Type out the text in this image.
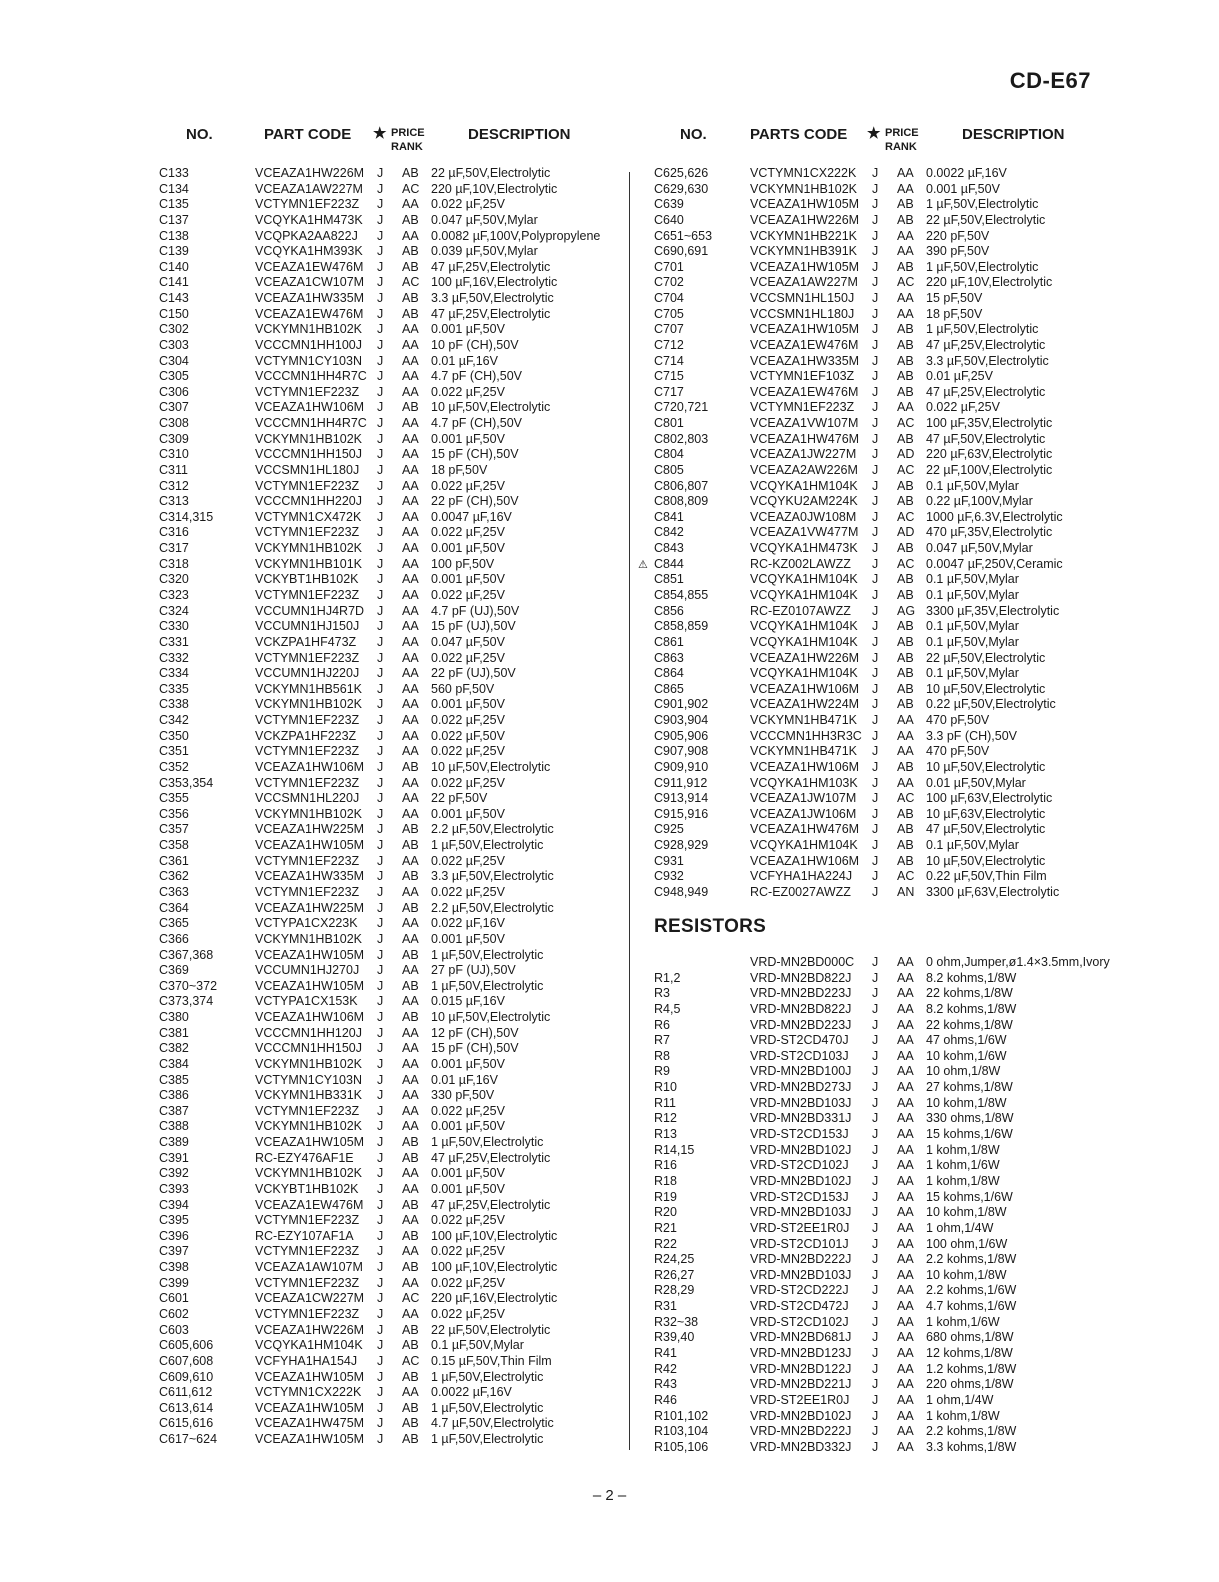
CD-E67
NO.	PART CODE ★ PRICE
RANK
DESCRIPTION	NO.	PARTS CODE ★ PRICE
RANK
DESCRIPTION
C133	VCEAZA1HW226M J AB 22 µF,50V,Electrolytic
C134	VCEAZA1AW227M J AC 220 µF,10V,Electrolytic
C135	VCTYMN1EF223Z J AA 0.022 µF,25V
C137	VCQYKA1HM473K J AB 0.047 µF,50V,Mylar
C138	VCQPKA2AA822J J AA 0.0082 µF,100V,Polypropylene
C139	VCQYKA1HM393K J AB 0.039 µF,50V,Mylar
C140	VCEAZA1EW476M J AB 47 µF,25V,Electrolytic
C141	VCEAZA1CW107M J AC 100 µF,16V,Electrolytic
C143	VCEAZA1HW335M J AB 3.3 µF,50V,Electrolytic
C150	VCEAZA1EW476M J AB 47 µF,25V,Electrolytic
C302	VCKYMN1HB102K J AA 0.001 µF,50V
C303	VCCCMN1HH100J J AA 10 pF (CH),50V
C304	VCTYMN1CY103N J AA 0.01 µF,16V
C305	VCCCMN1HH4R7C J AA 4.7 pF (CH),50V
C306	VCTYMN1EF223Z J AA 0.022 µF,25V
C307	VCEAZA1HW106M J AB 10 µF,50V,Electrolytic
C308	VCCCMN1HH4R7C J AA 4.7 pF (CH),50V
C309	VCKYMN1HB102K J AA 0.001 µF,50V
C310	VCCCMN1HH150J J AA 15 pF (CH),50V
C311	VCCSMN1HL180J J AA 18 pF,50V
C312	VCTYMN1EF223Z J AA 0.022 µF,25V
C313	VCCCMN1HH220J J AA 22 pF (CH),50V
C314,315	VCTYMN1CX472K J AA 0.0047 µF,16V
C316	VCTYMN1EF223Z J AA 0.022 µF,25V
C317	VCKYMN1HB102K J AA 0.001 µF,50V
C318	VCKYMN1HB101K J AA 100 pF,50V
C320	VCKYBT1HB102K J AA 0.001 µF,50V
C323	VCTYMN1EF223Z J AA 0.022 µF,25V
C324	VCCUMN1HJ4R7D J AA 4.7 pF (UJ),50V
C330	VCCUMN1HJ150J J AA 15 pF (UJ),50V
C331	VCKZPA1HF473Z J AA 0.047 µF,50V
C332	VCTYMN1EF223Z J AA 0.022 µF,25V
C334	VCCUMN1HJ220J J AA 22 pF (UJ),50V
C335	VCKYMN1HB561K J AA 560 pF,50V
C338	VCKYMN1HB102K J AA 0.001 µF,50V
C342	VCTYMN1EF223Z J AA 0.022 µF,25V
C350	VCKZPA1HF223Z J AA 0.022 µF,50V
C351	VCTYMN1EF223Z J AA 0.022 µF,25V
C352	VCEAZA1HW106M J AB 10 µF,50V,Electrolytic
C353,354	VCTYMN1EF223Z J AA 0.022 µF,25V
C355	VCCSMN1HL220J J AA 22 pF,50V
C356	VCKYMN1HB102K J AA 0.001 µF,50V
C357	VCEAZA1HW225M J AB 2.2 µF,50V,Electrolytic
C358	VCEAZA1HW105M J AB 1 µF,50V,Electrolytic
C361	VCTYMN1EF223Z J AA 0.022 µF,25V
C362	VCEAZA1HW335M J AB 3.3 µF,50V,Electrolytic
C363	VCTYMN1EF223Z J AA 0.022 µF,25V
C364	VCEAZA1HW225M J AB 2.2 µF,50V,Electrolytic
C365	VCTYPA1CX223K J AA 0.022 µF,16V
C366	VCKYMN1HB102K J AA 0.001 µF,50V
C367,368	VCEAZA1HW105M J AB 1 µF,50V,Electrolytic
C369	VCCUMN1HJ270J J AA 27 pF (UJ),50V
C370~372	VCEAZA1HW105M J AB 1 µF,50V,Electrolytic
C373,374	VCTYPA1CX153K J AA 0.015 µF,16V
C380	VCEAZA1HW106M J AB 10 µF,50V,Electrolytic
C381	VCCCMN1HH120J J AA 12 pF (CH),50V
C382	VCCCMN1HH150J J AA 15 pF (CH),50V
C384	VCKYMN1HB102K J AA 0.001 µF,50V
C385	VCTYMN1CY103N J AA 0.01 µF,16V
C386	VCKYMN1HB331K J AA 330 pF,50V
C387	VCTYMN1EF223Z J AA 0.022 µF,25V
C388	VCKYMN1HB102K J AA 0.001 µF,50V
C389	VCEAZA1HW105M J AB 1 µF,50V,Electrolytic
C391	RC-EZY476AF1E J AB 47 µF,25V,Electrolytic
C392	VCKYMN1HB102K J AA 0.001 µF,50V
C393	VCKYBT1HB102K J AA 0.001 µF,50V
C394	VCEAZA1EW476M J AB 47 µF,25V,Electrolytic
C395	VCTYMN1EF223Z J AA 0.022 µF,25V
C396	RC-EZY107AF1A J AB 100 µF,10V,Electrolytic
C397	VCTYMN1EF223Z J AA 0.022 µF,25V
C398	VCEAZA1AW107M J AB 100 µF,10V,Electrolytic
C399	VCTYMN1EF223Z J AA 0.022 µF,25V
C601	VCEAZA1CW227M J AC 220 µF,16V,Electrolytic
C602	VCTYMN1EF223Z J AA 0.022 µF,25V
C603	VCEAZA1HW226M J AB 22 µF,50V,Electrolytic
C605,606	VCQYKA1HM104K J AB 0.1 µF,50V,Mylar
C607,608	VCFYHA1HA154J J AC 0.15 µF,50V,Thin Film
C609,610	VCEAZA1HW105M J AB 1 µF,50V,Electrolytic
C611,612	VCTYMN1CX222K J AA 0.0022 µF,16V
C613,614	VCEAZA1HW105M J AB 1 µF,50V,Electrolytic
C615,616	VCEAZA1HW475M J AB 4.7 µF,50V,Electrolytic
C617~624	VCEAZA1HW105M J AB 1 µF,50V,Electrolytic
C625,626	VCTYMN1CX222K J AA 0.0022 µF,16V
C629,630	VCKYMN1HB102K J AA 0.001 µF,50V
C639	VCEAZA1HW105M J AB 1 µF,50V,Electrolytic
C640	VCEAZA1HW226M J AB 22 µF,50V,Electrolytic
C651~653	VCKYMN1HB221K J AA 220 pF,50V
C690,691	VCKYMN1HB391K J AA 390 pF,50V
C701	VCEAZA1HW105M J AB 1 µF,50V,Electrolytic
C702	VCEAZA1AW227M J AC 220 µF,10V,Electrolytic
C704	VCCSMN1HL150J J AA 15 pF,50V
C705	VCCSMN1HL180J J AA 18 pF,50V
C707	VCEAZA1HW105M J AB 1 µF,50V,Electrolytic
C712	VCEAZA1EW476M J AB 47 µF,25V,Electrolytic
C714	VCEAZA1HW335M J AB 3.3 µF,50V,Electrolytic
C715	VCTYMN1EF103Z J AB 0.01 µF,25V
C717	VCEAZA1EW476M J AB 47 µF,25V,Electrolytic
C720,721	VCTYMN1EF223Z J AA 0.022 µF,25V
C801	VCEAZA1VW107M J AC 100 µF,35V,Electrolytic
C802,803	VCEAZA1HW476M J AB 47 µF,50V,Electrolytic
C804	VCEAZA1JW227M J AD 220 µF,63V,Electrolytic
C805	VCEAZA2AW226M J AC 22 µF,100V,Electrolytic
C806,807	VCQYKA1HM104K J AB 0.1 µF,50V,Mylar
C808,809	VCQYKU2AM224K J AB 0.22 µF,100V,Mylar
C841	VCEAZA0JW108M J AC 1000 µF,6.3V,Electrolytic
C842	VCEAZA1VW477M J AD 470 µF,35V,Electrolytic
C843	VCQYKA1HM473K J AB 0.047 µF,50V,Mylar
C844	RC-KZ002LAWZZ J AC 0.0047 µF,250V,Ceramic
C851	VCQYKA1HM104K J AB 0.1 µF,50V,Mylar
C854,855	VCQYKA1HM104K J AB 0.1 µF,50V,Mylar
C856	RC-EZ0107AWZZ J AG 3300 µF,35V,Electrolytic
C858,859	VCQYKA1HM104K J AB 0.1 µF,50V,Mylar
C861	VCQYKA1HM104K J AB 0.1 µF,50V,Mylar
C863	VCEAZA1HW226M J AB 22 µF,50V,Electrolytic
C864	VCQYKA1HM104K J AB 0.1 µF,50V,Mylar
C865	VCEAZA1HW106M J AB 10 µF,50V,Electrolytic
C901,902	VCEAZA1HW224M J AB 0.22 µF,50V,Electrolytic
C903,904	VCKYMN1HB471K J AA 470 pF,50V
C905,906	VCCCMN1HH3R3C J AA 3.3 pF (CH),50V
C907,908	VCKYMN1HB471K J AA 470 pF,50V
C909,910	VCEAZA1HW106M J AB 10 µF,50V,Electrolytic
C911,912	VCQYKA1HM103K J AA 0.01 µF,50V,Mylar
C913,914	VCEAZA1JW107M J AC 100 µF,63V,Electrolytic
C915,916	VCEAZA1JW106M J AB 10 µF,63V,Electrolytic
C925	VCEAZA1HW476M J AB 47 µF,50V,Electrolytic
C928,929	VCQYKA1HM104K J AB 0.1 µF,50V,Mylar
C931	VCEAZA1HW106M J AB 10 µF,50V,Electrolytic
C932	VCFYHA1HA224J J AC 0.22 µF,50V,Thin Film
C948,949	RC-EZ0027AWZZ J AN 3300 µF,63V,Electrolytic
RESISTORS
VRD-MN2BD000C J AA 0 ohm,Jumper,ø1.4×3.5mm,Ivory
R1,2	VRD-MN2BD822J J AA 8.2 kohms,1/8W
R3	VRD-MN2BD223J J AA 22 kohms,1/8W
R4,5	VRD-MN2BD822J J AA 8.2 kohms,1/8W
R6	VRD-MN2BD223J J AA 22 kohms,1/8W
R7	VRD-ST2CD470J J AA 47 ohms,1/6W
R8	VRD-ST2CD103J J AA 10 kohm,1/6W
R9	VRD-MN2BD100J J AA 10 ohm,1/8W
R10	VRD-MN2BD273J J AA 27 kohms,1/8W
R11	VRD-MN2BD103J J AA 10 kohm,1/8W
R12	VRD-MN2BD331J J AA 330 ohms,1/8W
R13	VRD-ST2CD153J J AA 15 kohms,1/6W
R14,15	VRD-MN2BD102J J AA 1 kohm,1/8W
R16	VRD-ST2CD102J J AA 1 kohm,1/6W
R18	VRD-MN2BD102J J AA 1 kohm,1/8W
R19	VRD-ST2CD153J J AA 15 kohms,1/6W
R20	VRD-MN2BD103J J AA 10 kohm,1/8W
R21	VRD-ST2EE1R0J J AA 1 ohm,1/4W
R22	VRD-ST2CD101J J AA 100 ohm,1/6W
R24,25	VRD-MN2BD222J J AA 2.2 kohms,1/8W
R26,27	VRD-MN2BD103J J AA 10 kohm,1/8W
R28,29	VRD-ST2CD222J J AA 2.2 kohms,1/6W
R31	VRD-ST2CD472J J AA 4.7 kohms,1/6W
R32~38	VRD-ST2CD102J J AA 1 kohm,1/6W
R39,40	VRD-MN2BD681J J AA 680 ohms,1/8W
R41	VRD-MN2BD123J J AA 12 kohms,1/8W
R42	VRD-MN2BD122J J AA 1.2 kohms,1/8W
R43	VRD-MN2BD221J J AA 220 ohms,1/8W
R46	VRD-ST2EE1R0J J AA 1 ohm,1/4W
R101,102	VRD-MN2BD102J J AA 1 kohm,1/8W
R103,104	VRD-MN2BD222J J AA 2.2 kohms,1/8W
R105,106	VRD-MN2BD332J J AA 3.3 kohms,1/8W
– 2 –
⚠
